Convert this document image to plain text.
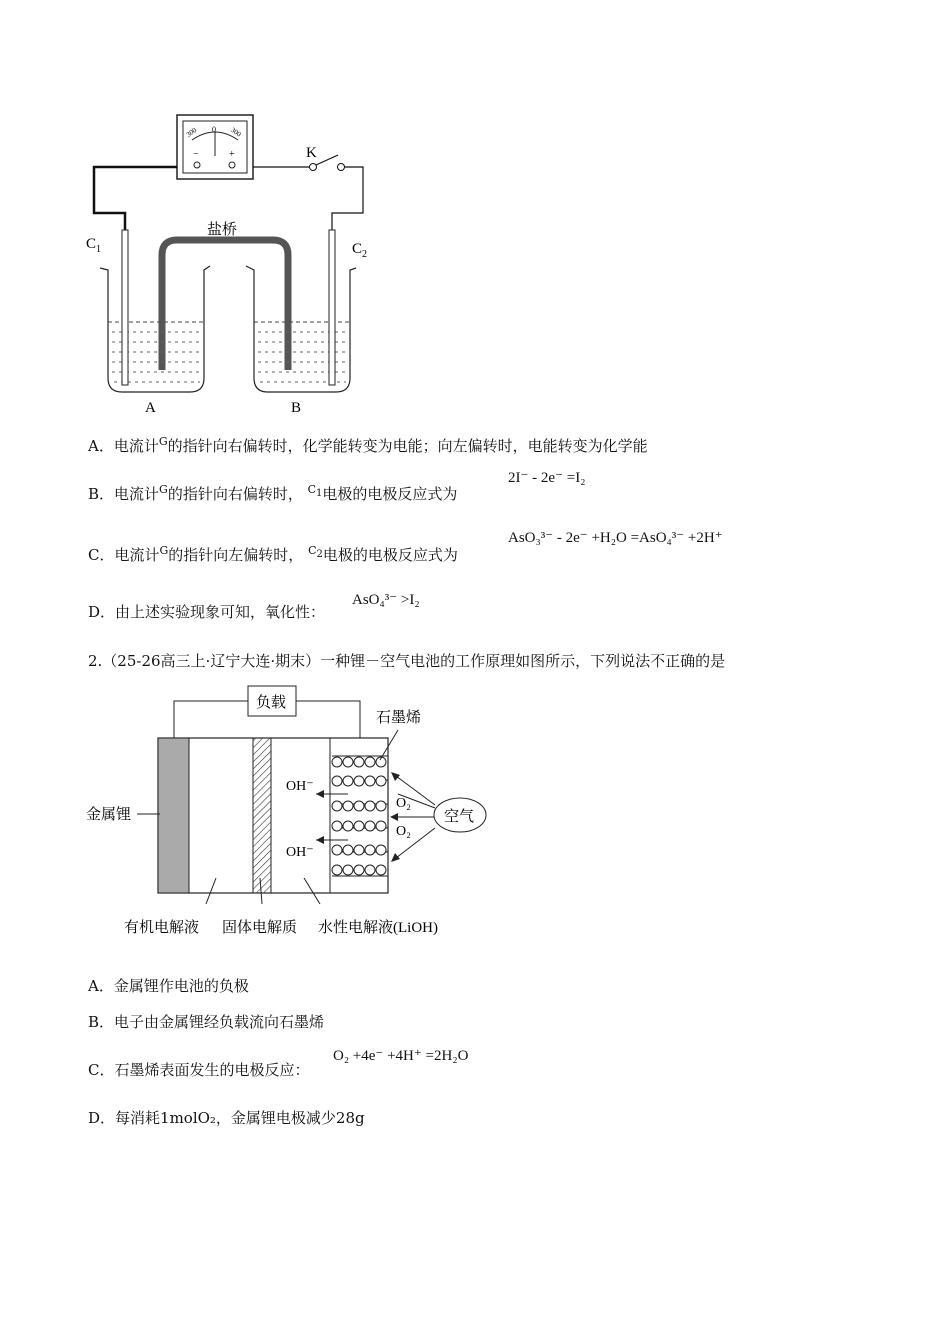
300 0 300
−	+	K
盐桥
$C_1$	$C_2$
A	B
A．电流计$^G$的指针向右偏转时，化学能转变为电能；向左偏转时，电能转变为化学能
B．电流计$^G$的指针向右偏转时， $^{C_1}$电极的电极反应式为
2I⁻ - 2e⁻ =I₂
C．电流计$^G$的指针向左偏转时， $^{C_2}$电极的电极反应式为
AsO₃³⁻ - 2e⁻ +H₂O =AsO₄³⁻ +2H⁺
D．由上述实验现象可知，氧化性：
AsO₄³⁻ >I₂
2.（25-26高三上·辽宁大连·期末）一种锂－空气电池的工作原理如图所示，下列说法不正确的是
负载
石墨烯
OH⁻
OH⁻
O₂
O₂
空气
金属锂
有机电解液 固体电解质 水性电解液(LiOH)
A．金属锂作电池的负极
B．电子由金属锂经负载流向石墨烯
C．石墨烯表面发生的电极反应：
O₂ +4e⁻ +4H⁺ =2H₂O
D．每消耗1molO₂，金属锂电极减少28g
